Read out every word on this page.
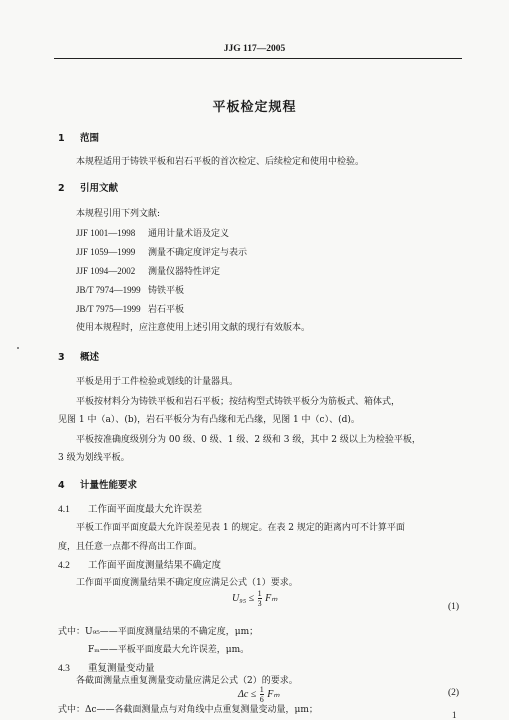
JJG 117—2005
平板检定规程
1 范围
本规程适用于铸铁平板和岩石平板的首次检定、后续检定和使用中检验。
2 引用文献
本规程引用下列文献:
JJF 1001—1998 通用计量术语及定义
JJF 1059—1999 测量不确定度评定与表示
JJF 1094—2002 测量仪器特性评定
JB/T 7974—1999 铸铁平板
JB/T 7975—1999 岩石平板
使用本规程时，应注意使用上述引用文献的现行有效版本。
3 概述
平板是用于工件检验或划线的计量器具。
平板按材料分为铸铁平板和岩石平板；按结构型式铸铁平板分为筋板式、箱体式，
见图 1 中（a）、(b)，岩石平板分为有凸缘和无凸缘，见图 1 中（c）、(d)。
平板按准确度级别分为 00 级、0 级、1 级、2 级和 3 级，其中 2 级以上为检验平板，
3 级为划线平板。
4 计量性能要求
4.1 工作面平面度最大允许误差
平板工作面平面度最大允许误差见表 1 的规定。在表 2 规定的距离内可不计算平面
度，且任意一点都不得高出工作面。
4.2 工作面平面度测量结果不确定度
工作面平面度测量结果不确定度应满足公式（1）要求。
$U_{95} \le \frac{1}{3}$ Fₘ
(1)
式中：U₉₅——平面度测量结果的不确定度，μm；
Fₘ——平板平面度最大允许误差，μm。
4.3 重复测量变动量
各截面测量点重复测量变动量应满足公式（2）的要求。
$\Delta c \le \frac{1}{6}$ Fₘ	(2)
式中：Δc——各截面测量点与对角线中点重复测量变动量，μm；	1
